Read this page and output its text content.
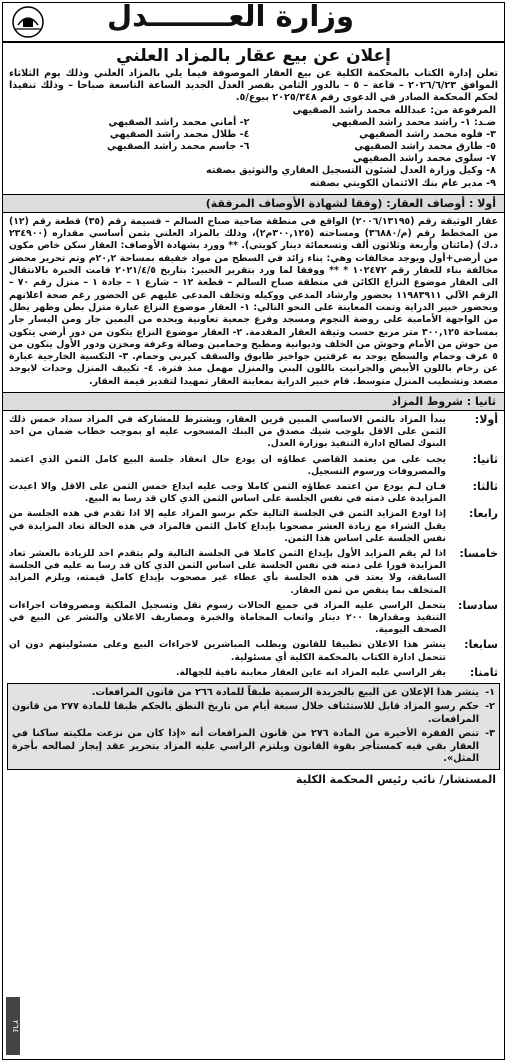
وزارة العــــــــدل
إعلان عن بيع عقار بالمزاد العلني
تعلن إدارة الكتاب بالمحكمة الكلية عن بيع العقار الموصوفة فيما يلي بالمزاد العلني وذلك يوم الثلاثاء الموافق ٢٠٢٦/٦/٢٣ – قاعة – ٥ – بالدور الثامن بقصر العدل الجديد الساعة التاسعة صباحا – وذلك تنفيذا لحكم المحكمة الصادر في الدعوى رقم ٢٠٢٥/٣٤٨ بيوع/٥.
المرفوعة من: عبدالله محمد راشد الصقيهي
ضـد: ١- راشد محمد راشد الصقيهي
٢- أماني محمد راشد الصقيهي
٣- فلوه محمد راشد الصقيهي
٤- طلال محمد راشد الصقيهي
٥- طارق محمد راشد الصقيهي
٦- جاسم محمد راشد الصقيهي
٧- سلوى محمد راشد الصقيهي
٨- وكيل وزارة العدل لشئون التسجيل العقاري والتوثيق بصفته
٩- مدير عام بنك الائتمان الكويتي بصفته
أولا : أوصاف العقار: (وفقا لشهادة الأوصاف المرفقة)
عقار الوثيقة رقم (٢٠٠٦/١٣١٩٥) الواقع في منطقة ضاحية صباح السالم – قسيمة رقم (٣٥) قطعة رقم (١٢) من المخطط رقم (م/٣٦٨٨٠) ومساحته (٣٠٠,١٢٥م٢)، وذلك بالمزاد العلني بثمن أساسي مقداره (٢٣٤٩٠٠ د.ك) (مائتان وأربعة وثلاثون ألف وتسعمائة دينار كويتي). ** وورد بشهادة الأوصاف: العقار سكن خاص مكون من أرضي+أول ويوجد مخالفات وهي: بناء زائد في السطح من مواد خفيفه بمساحة ٢٠,٢م وتم تحرير محضر مخالفة بناء للعقار رقم ١٠٢٤٧٢ * ** ووفقا لما ورد بتقرير الخبير: بتاريخ ٢٠٢١/٤/٥ قامت الخبرة بالانتقال الى العقار موضوع النزاع الكائن في منطقة صباح السالم – قطعة ١٢ – شارع ١ – جادة ١ – منزل رقم ٧٠ – الرقم الآلي ١١٩٨٣٩١١ بحضور وارشاد المدعي ووكيله وتخلف المدعى عليهم عن الحضور رغم صحة اعلانهم وبحضور خبير الدراية وتمت المعاينة على النحو التالي: ١- العقار موضوع النزاع عبارة منزل بطن وظهر يطل من الواجهة الأمامية على روضة النجوم ومسجد وفرع جمعية تعاونية ويحده من اليمين جار ومن اليسار جار بمساحة ٣٠٠,١٢٥ متر مربع حسب وثيقة العقار المقدمة. ٢- العقار موضوع النزاع يتكون من دور أرضي يتكون من حوش من الأمام وحوش من الخلف وديوانية ومطبخ وحمامين وصالة وغرفة ومخزن ودور الأول يتكون من ٥ غرف وحمام والسطح يوجد به غرفتين جواخير طابوق والسقف كيربي وحمام. ٣- التكسية الخارجية عبارة عن رخام باللون الأبيض والجرانيت باللون البني والمنزل مهمل منذ فترة. ٤- تكييف المنزل وحدات لايوجد مصعد وتشطيب المنزل متوسط. قام خبير الدراية بمعاينة العقار تمهيدا لتقدير قيمة العقار.
ثانيا : شروط المزاد
أولا:
يبدأ المزاد بالثمن الاساسي المبين قرين العقار، ويشترط للمشاركة في المزاد سداد خمس ذلك الثمن على الاقل بلوجب شيك مصدق من البنك المسحوب عليه او بموجب خطاب ضمان من احد البنوك لصالح ادارة التنفيذ بوزارة العدل.
ثانيا:
يجب على من يعتمد القاضي عطاؤه ان يودع حال انعقاد جلسة البيع كامل الثمن الذي اعتمد والمصروفات ورسوم التسجيل.
ثالثا:
فـان لـم يودع من اعتمد عطاؤه الثمن كاملا وجب عليه ايداع خمس الثمن على الاقل والا اعيدت المزايدة على ذمته في نفس الجلسة على اساس الثمن الذي كان قد رسا به البيع.
رابعا:
إذا اودع المزايد الثمن في الجلسة التالية حكم برسو المزاد عليه إلا اذا تقدم في هذه الجلسة من يقبل الشراء مع زيادة العشر مصحوبا بإيداع كامل الثمن فالمزاد في هذه الحالة تعاد المزايدة في نفس الجلسة على اساس هذا الثمن.
خامسا:
اذا لم يقم المزايد الأول بإيداع الثمن كاملا في الجلسة التالية ولم يتقدم احد للزيادة بالعشر تعاد المزايدة فورا على ذمته في نفس الجلسة على اساس الثمن الذي كان قد رسا به عليه في الجلسة السابقة، ولا يعتد في هذه الجلسة بأي عطاء غير مصحوب بإيداع كامل قيمته، ويلزم المزايد المتخلف بما ينقص من ثمن العقار.
سادسا:
يتحمل الراسي عليه المزاد في جميع الحالات رسوم نقل وتسجيل الملكية ومصروفات اجراءات التنفيذ ومقدارها ٢٠٠ دينار واتعاب المحاماة والخبرة ومصاريف الاعلان والنشر عن البيع في الصحف اليومية.
سابعا:
ينشر هذا الاعلان تطبيقا للقانون وبطلب المباشرين لاجراءات البيع وعلى مسئوليتهم دون ان تتحمل ادارة الكتاب بالمحكمة الكلية أي مسئولية.
ثامنا:
يقر الراسي عليه المزاد انه عاين العقار معاينة نافية للجهالة.
١-
ينشر هذا الإعلان عن البيع بالجريدة الرسمية طبقاً للمادة ٢٦٦ من قانون المرافعات.
٢-
حكم رسو المزاد قابل للاستئناف خلال سبعة أيام من تاريخ النطق بالحكم طبقا للمادة ٢٧٧ من قانون المرافعات.
٣-
تنص الفقرة الأخيرة من المادة ٢٧٦ من قانون المرافعات أنه «إذا كان من نزعت ملكيته ساكنا في العقار بقي فيه كمستأجر بقوة القانون ويلتزم الراسي عليه المزاد بتحرير عقد إيجار لصالحه بأجرة المثل».
المستشار/ نائب رئيس المحكمة الكلية
٢٦٤
